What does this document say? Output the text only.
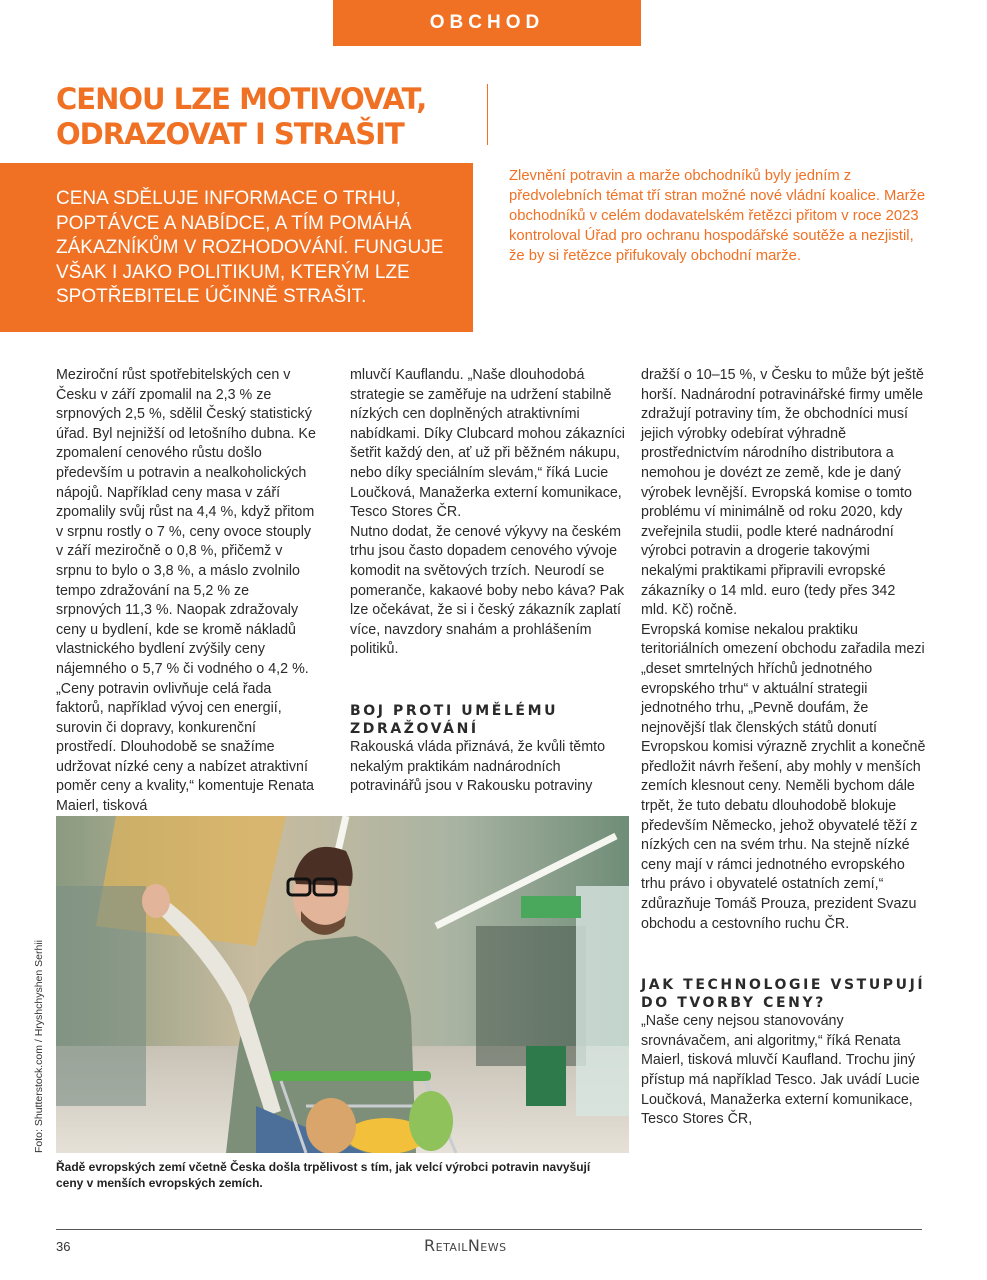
OBCHOD
CENOU LZE MOTIVOVAT,
ODRAZOVAT I STRAŠIT

CENA SDĚLUJE INFORMACE O TRHU, POPTÁVCE A NABÍDCE, A TÍM POMÁHÁ ZÁKAZNÍKŮM V ROZHODOVÁNÍ. FUNGUJE VŠAK I JAKO POLITIKUM, KTERÝM LZE SPOTŘEBITELE ÚČINNĚ STRAŠIT.

Zlevnění potravin a marže obchodníků byly jedním z předvolebních témat tří stran možné nové vládní koalice. Marže obchodníků v celém dodavatelském řetězci přitom v roce 2023 kontroloval Úřad pro ochranu hospodářské soutěže a nezjistil, že by si řetězce přifukovaly obchodní marže.

Meziroční růst spotřebitelských cen v Česku v září zpomalil na 2,3 % ze srpnových 2,5 %, sdělil Český statistický úřad. Byl nejnižší od letošního dubna. Ke zpomalení cenového růstu došlo především u potravin a nealkoholických nápojů. Například ceny masa v září zpomalily svůj růst na 4,4 %, když přitom v srpnu rostly o 7 %, ceny ovoce stouply v září meziročně o 0,8 %, přičemž v srpnu to bylo o 3,8 %, a máslo zvolnilo tempo zdražování na 5,2 % ze srpnových 11,3 %. Naopak zdražovaly ceny u bydlení, kde se kromě nákladů vlastnického bydlení zvýšily ceny nájemného o 5,7 % či vodného o 4,2 %.

„Ceny potravin ovlivňuje celá řada faktorů, například vývoj cen energií, surovin či dopravy, konkurenční prostředí. Dlouhodobě se snažíme udržovat nízké ceny a nabízet atraktivní poměr ceny a kvality,“ komentuje Renata Maierl, tisková

mluvčí Kauflandu. „Naše dlouhodobá strategie se zaměřuje na udržení stabilně nízkých cen doplněných atraktivními nabídkami. Díky Clubcard mohou zákazníci šetřit každý den, ať už při běžném nákupu, nebo díky speciálním slevám,“ říká Lucie Loučková, Manažerka externí komunikace, Tesco Stores ČR.

Nutno dodat, že cenové výkyvy na českém trhu jsou často dopadem cenového vývoje komodit na světových trzích. Neurodí se pomeranče, kakaové boby nebo káva? Pak lze očekávat, že si i český zákazník zaplatí více, navzdory snahám a prohlášením politiků.

BOJ PROTI UMĚLÉMU ZDRAŽOVÁNÍ

Rakouská vláda přiznává, že kvůli těmto nekalým praktikám nadnárodních potravinářů jsou v Rakousku potraviny

dražší o 10–15 %, v Česku to může být ještě horší. Nadnárodní potravinářské firmy uměle zdražují potraviny tím, že obchodníci musí jejich výrobky odebírat výhradně prostřednictvím národního distributora a nemohou je dovézt ze země, kde je daný výrobek levnější. Evropská komise o tomto problému ví minimálně od roku 2020, kdy zveřejnila studii, podle které nadnárodní výrobci potravin a drogerie takovými nekalými praktikami připravili evropské zákazníky o 14 mld. euro (tedy přes 342 mld. Kč) ročně.

Evropská komise nekalou praktiku teritoriálních omezení obchodu zařadila mezi „deset smrtelných hříchů jednotného evropského trhu“ v aktuální strategii jednotného trhu, „Pevně doufám, že nejnovější tlak členských států donutí Evropskou komisi výrazně zrychlit a konečně předložit návrh řešení, aby mohly v menších zemích klesnout ceny. Neměli bychom dále trpět, že tuto debatu dlouhodobě blokuje především Německo, jehož obyvatelé těží z nízkých cen na svém trhu. Na stejně nízké ceny mají v rámci jednotného evropského trhu právo i obyvatelé ostatních zemí,“ zdůrazňuje Tomáš Prouza, prezident Svazu obchodu a cestovního ruchu ČR.

JAK TECHNOLOGIE VSTUPUJÍ DO TVORBY CENY?

„Naše ceny nejsou stanovovány srovnávačem, ani algoritmy,“ říká Renata Maierl, tisková mluvčí Kaufland. Trochu jiný přístup má například Tesco. Jak uvádí Lucie Loučková, Manažerka externí komunikace, Tesco Stores ČR,

Foto: Shutterstock.com / Hryshchyshen Serhii

Řadě evropských zemí včetně Česka došla trpělivost s tím, jak velcí výrobci potravin navyšují ceny v menších evropských zemích.

36	RetailNews
